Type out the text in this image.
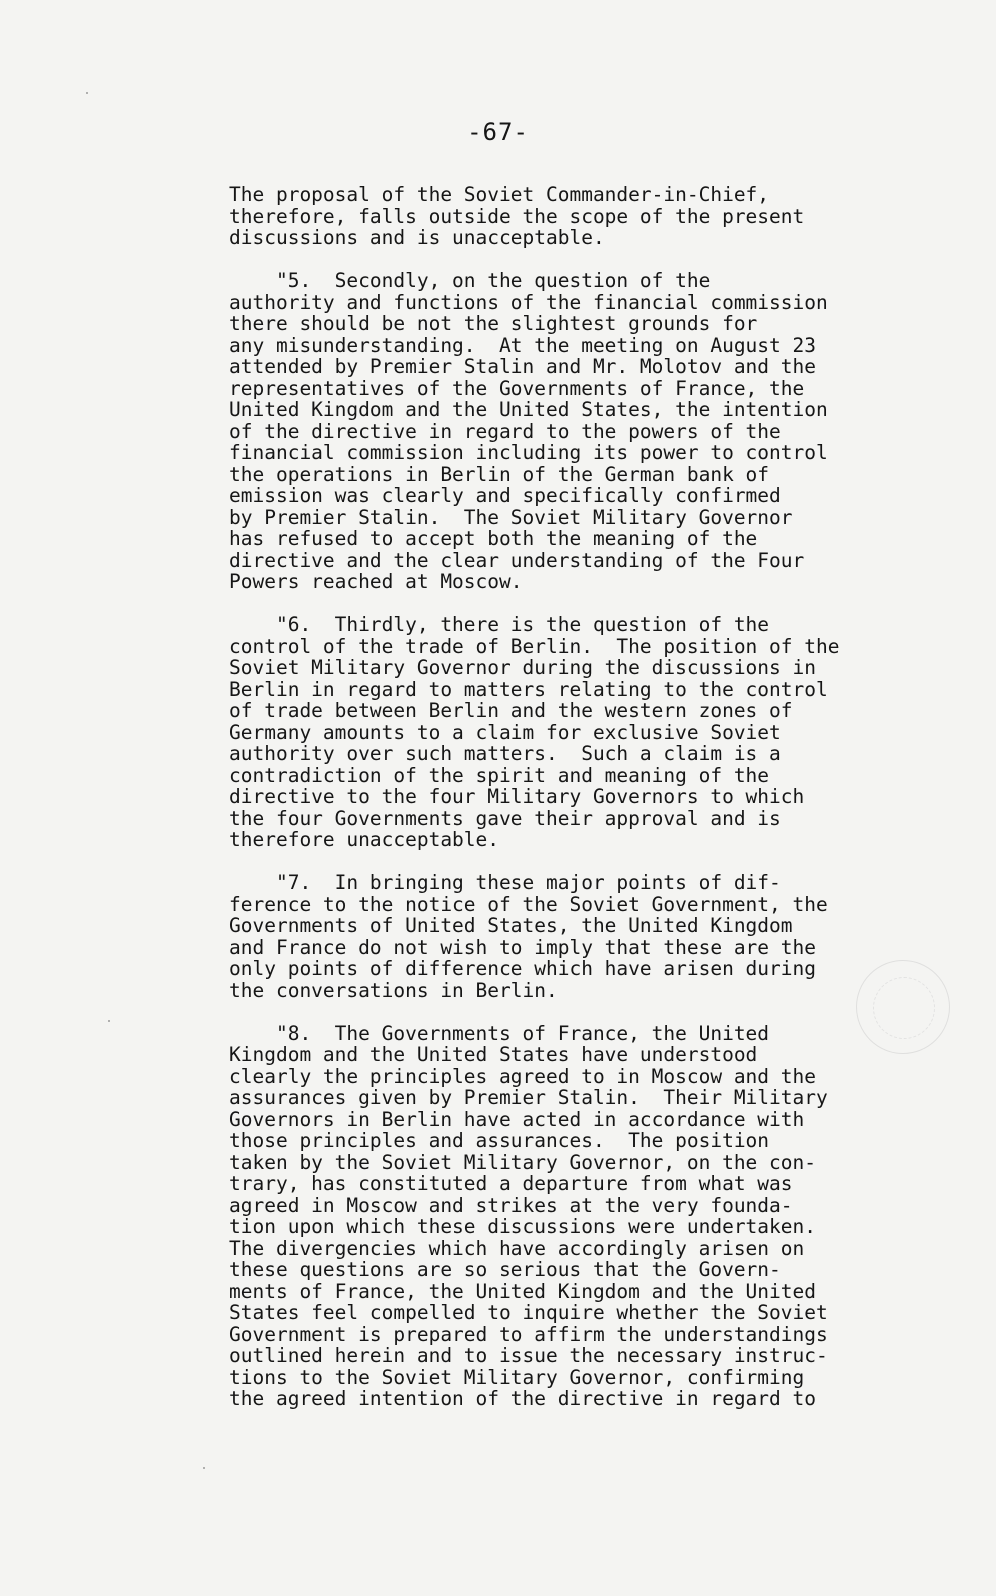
-67-
The proposal of the Soviet Commander-in-Chief,
therefore, falls outside the scope of the present
discussions and is unacceptable.
"5.  Secondly, on the question of the
authority and functions of the financial commission
there should be not the slightest grounds for
any misunderstanding.  At the meeting on August 23
attended by Premier Stalin and Mr. Molotov and the
representatives of the Governments of France, the
United Kingdom and the United States, the intention
of the directive in regard to the powers of the
financial commission including its power to control
the operations in Berlin of the German bank of
emission was clearly and specifically confirmed
by Premier Stalin.  The Soviet Military Governor
has refused to accept both the meaning of the
directive and the clear understanding of the Four
Powers reached at Moscow.
"6.  Thirdly, there is the question of the
control of the trade of Berlin.  The position of the
Soviet Military Governor during the discussions in
Berlin in regard to matters relating to the control
of trade between Berlin and the western zones of
Germany amounts to a claim for exclusive Soviet
authority over such matters.  Such a claim is a
contradiction of the spirit and meaning of the
directive to the four Military Governors to which
the four Governments gave their approval and is
therefore unacceptable.
"7.  In bringing these major points of dif-
ference to the notice of the Soviet Government, the
Governments of United States, the United Kingdom
and France do not wish to imply that these are the
only points of difference which have arisen during
the conversations in Berlin.
"8.  The Governments of France, the United
Kingdom and the United States have understood
clearly the principles agreed to in Moscow and the
assurances given by Premier Stalin.  Their Military
Governors in Berlin have acted in accordance with
those principles and assurances.  The position
taken by the Soviet Military Governor, on the con-
trary, has constituted a departure from what was
agreed in Moscow and strikes at the very founda-
tion upon which these discussions were undertaken.
The divergencies which have accordingly arisen on
these questions are so serious that the Govern-
ments of France, the United Kingdom and the United
States feel compelled to inquire whether the Soviet
Government is prepared to affirm the understandings
outlined herein and to issue the necessary instruc-
tions to the Soviet Military Governor, confirming
the agreed intention of the directive in regard to
